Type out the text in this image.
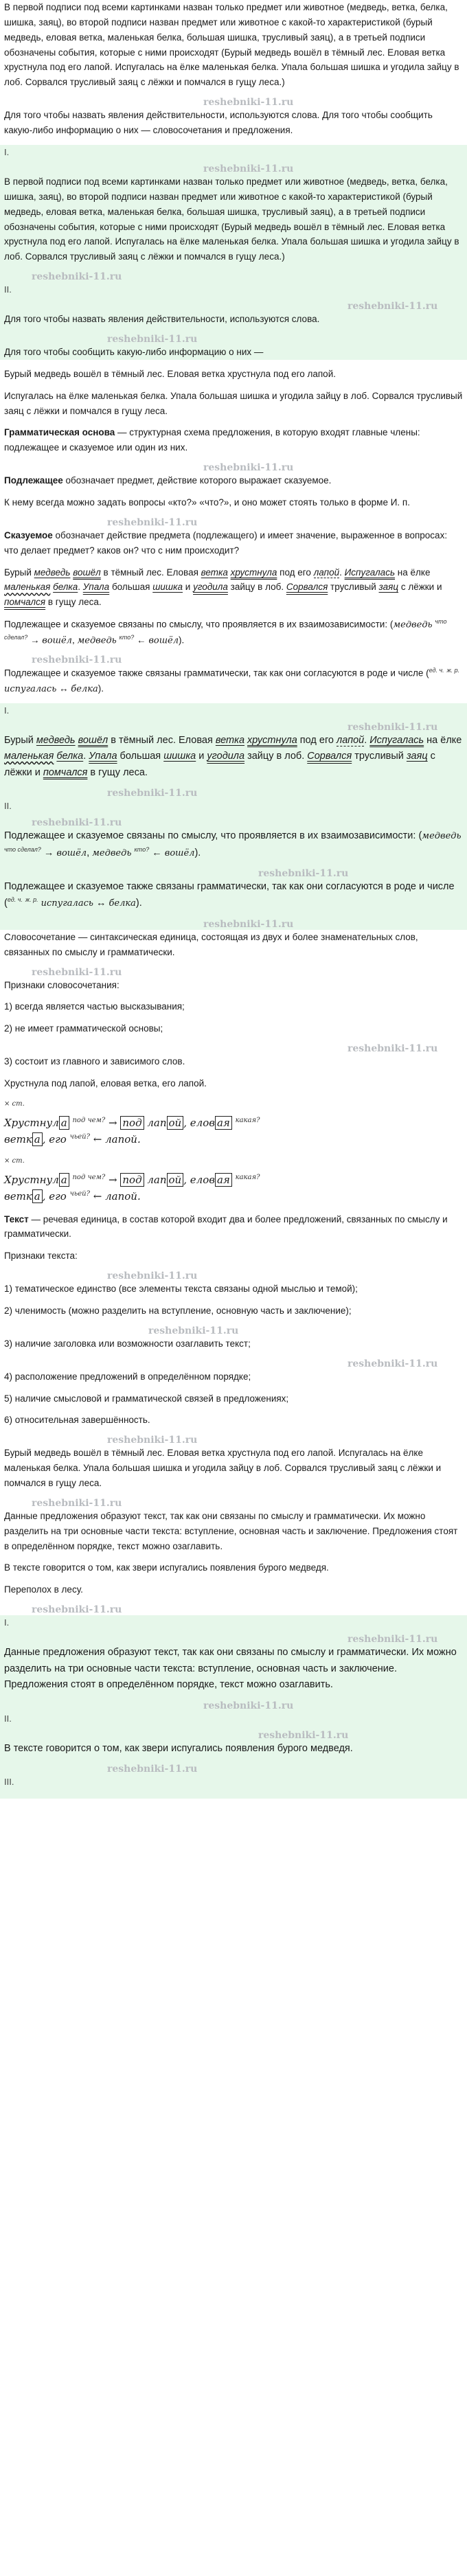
В первой подписи под всеми картинками назван только предмет или животное (медведь, ветка, белка, шишка, заяц), во второй подписи назван предмет или животное с какой-то характеристикой (бурый медведь, еловая ветка, маленькая белка, большая шишка, трусливый заяц), а в третьей подписи обозначены события, которые с ними происходят (Бурый медведь вошёл в тёмный лес. Еловая ветка хрустнула под его лапой. Испугалась на ёлке маленькая белка. Упала большая шишка и угодила зайцу в лоб. Сорвался трусливый заяц с лёжки и помчался в гущу леса.)

reshebniki-11.ru

Для того чтобы назвать явления действительности, используются слова. Для того чтобы сообщить какую-либо информацию о них — словосочетания и предложения.

I.
reshebniki-11.ru

В первой подписи под всеми картинками назван только предмет или животное (медведь, ветка, белка, шишка, заяц), во второй подписи назван предмет или животное с какой-то характеристикой (бурый медведь, еловая ветка, маленькая белка, большая шишка, трусливый заяц), а в третьей подписи обозначены события, которые с ними происходят (Бурый медведь вошёл в тёмный лес. Еловая ветка хрустнула под его лапой. Испугалась на ёлке маленькая белка. Упала большая шишка и угодила зайцу в лоб. Сорвался трусливый заяц с лёжки и помчался в гущу леса.)

reshebniki-11.ru
II.
reshebniki-11.ru

Для того чтобы назвать явления действительности, используются слова.

reshebniki-11.ru

Для того чтобы сообщить какую-либо информацию о них —

Бурый медведь вошёл в тёмный лес. Еловая ветка хрустнула под его лапой.

Испугалась на ёлке маленькая белка. Упала большая шишка и угодила зайцу в лоб. Сорвался трусливый заяц с лёжки и помчался в гущу леса.

Грамматическая основа — структурная схема предложения, в которую входят главные члены: подлежащее и сказуемое или один из них.

reshebniki-11.ru

Подлежащее обозначает предмет, действие которого выражает сказуемое.

К нему всегда можно задать вопросы «кто?» «что?», и оно может стоять только в форме И. п.

reshebniki-11.ru

Сказуемое обозначает действие предмета (подлежащего) и имеет значение, выраженное в вопросах: что делает предмет? каков он? что с ним происходит?

Бурый медведь вошёл в тёмный лес. Еловая ветка хрустнула под его лапой. Испугалась на ёлке маленькая белка. Упала большая шишка и угодила зайцу в лоб. Сорвался трусливый заяц с лёжки и помчался в гущу леса.

Подлежащее и сказуемое связаны по смыслу, что проявляется в их взаимозависимости: (медведь $^{что сделал?}$ → вошёл, медведь $^{кто?}$ ← вошёл).

reshebniki-11.ru

Подлежащее и сказуемое также связаны грамматически, так как они согласуются в роде и числе ($^{ед. ч.}$ $^{ж. р.}$ испугалась ↔ белка).

I.
reshebniki-11.ru

Бурый медведь вошёл в тёмный лес. Еловая ветка хрустнула под его лапой. Испугалась на ёлке маленькая белка. Упала большая шишка и угодила зайцу в лоб. Сорвался трусливый заяц с лёжки и помчался в гущу леса.

reshebniki-11.ru
II.
reshebniki-11.ru

Подлежащее и сказуемое связаны по смыслу, что проявляется в их взаимозависимости: (медведь $^{что сделал?}$ → вошёл, медведь $^{кто?}$ ← вошёл).

reshebniki-11.ru

Подлежащее и сказуемое также связаны грамматически, так как они согласуются в роде и числе ($^{ед. ч.}$ $^{ж. р.}$ испугалась ↔ белка).

reshebniki-11.ru

Словосочетание — синтаксическая единица, состоящая из двух и более знаменательных слов, связанных по смыслу и грамматически.

reshebniki-11.ru

Признаки словосочетания:

1) всегда является частью высказывания;

2) не имеет грамматической основы;

reshebniki-11.ru

3) состоит из главного и зависимого слов.

Хрустнула под лапой, еловая ветка, его лапой.

$^{\times ст.}$
Хрустнул а $^{под чем?}$ → под лап ой , елов ая $^{какая?}$
ветк а , его $^{чьей?}$ ← лапой.
$^{\times ст.}$
Хрустнул а $^{под чем?}$ → под лап ой , елов ая $^{какая?}$
ветк а , его $^{чьей?}$ ← лапой.

Текст — речевая единица, в состав которой входит два и более предложений, связанных по смыслу и грамматически.

Признаки текста:

reshebniki-11.ru

1) тематическое единство (все элементы текста связаны одной мыслью и темой);

2) членимость (можно разделить на вступление, основную часть и заключение);

reshebniki-11.ru

3) наличие заголовка или возможности озаглавить текст;

reshebniki-11.ru

4) расположение предложений в определённом порядке;

5) наличие смысловой и грамматической связей в предложениях;

6) относительная завершённость.

reshebniki-11.ru

Бурый медведь вошёл в тёмный лес. Еловая ветка хрустнула под его лапой. Испугалась на ёлке маленькая белка. Упала большая шишка и угодила зайцу в лоб. Сорвался трусливый заяц с лёжки и помчался в гущу леса.

reshebniki-11.ru

Данные предложения образуют текст, так как они связаны по смыслу и грамматически. Их можно разделить на три основные части текста: вступление, основная часть и заключение. Предложения стоят в определённом порядке, текст можно озаглавить.

В тексте говорится о том, как звери испугались появления бурого медведя.

Переполох в лесу.

reshebniki-11.ru
I.
reshebniki-11.ru

Данные предложения образуют текст, так как они связаны по смыслу и грамматически. Их можно разделить на три основные части текста: вступление, основная часть и заключение. Предложения стоят в определённом порядке, текст можно озаглавить.

reshebniki-11.ru
II.
reshebniki-11.ru

В тексте говорится о том, как звери испугались появления бурого медведя.

reshebniki-11.ru
III.
